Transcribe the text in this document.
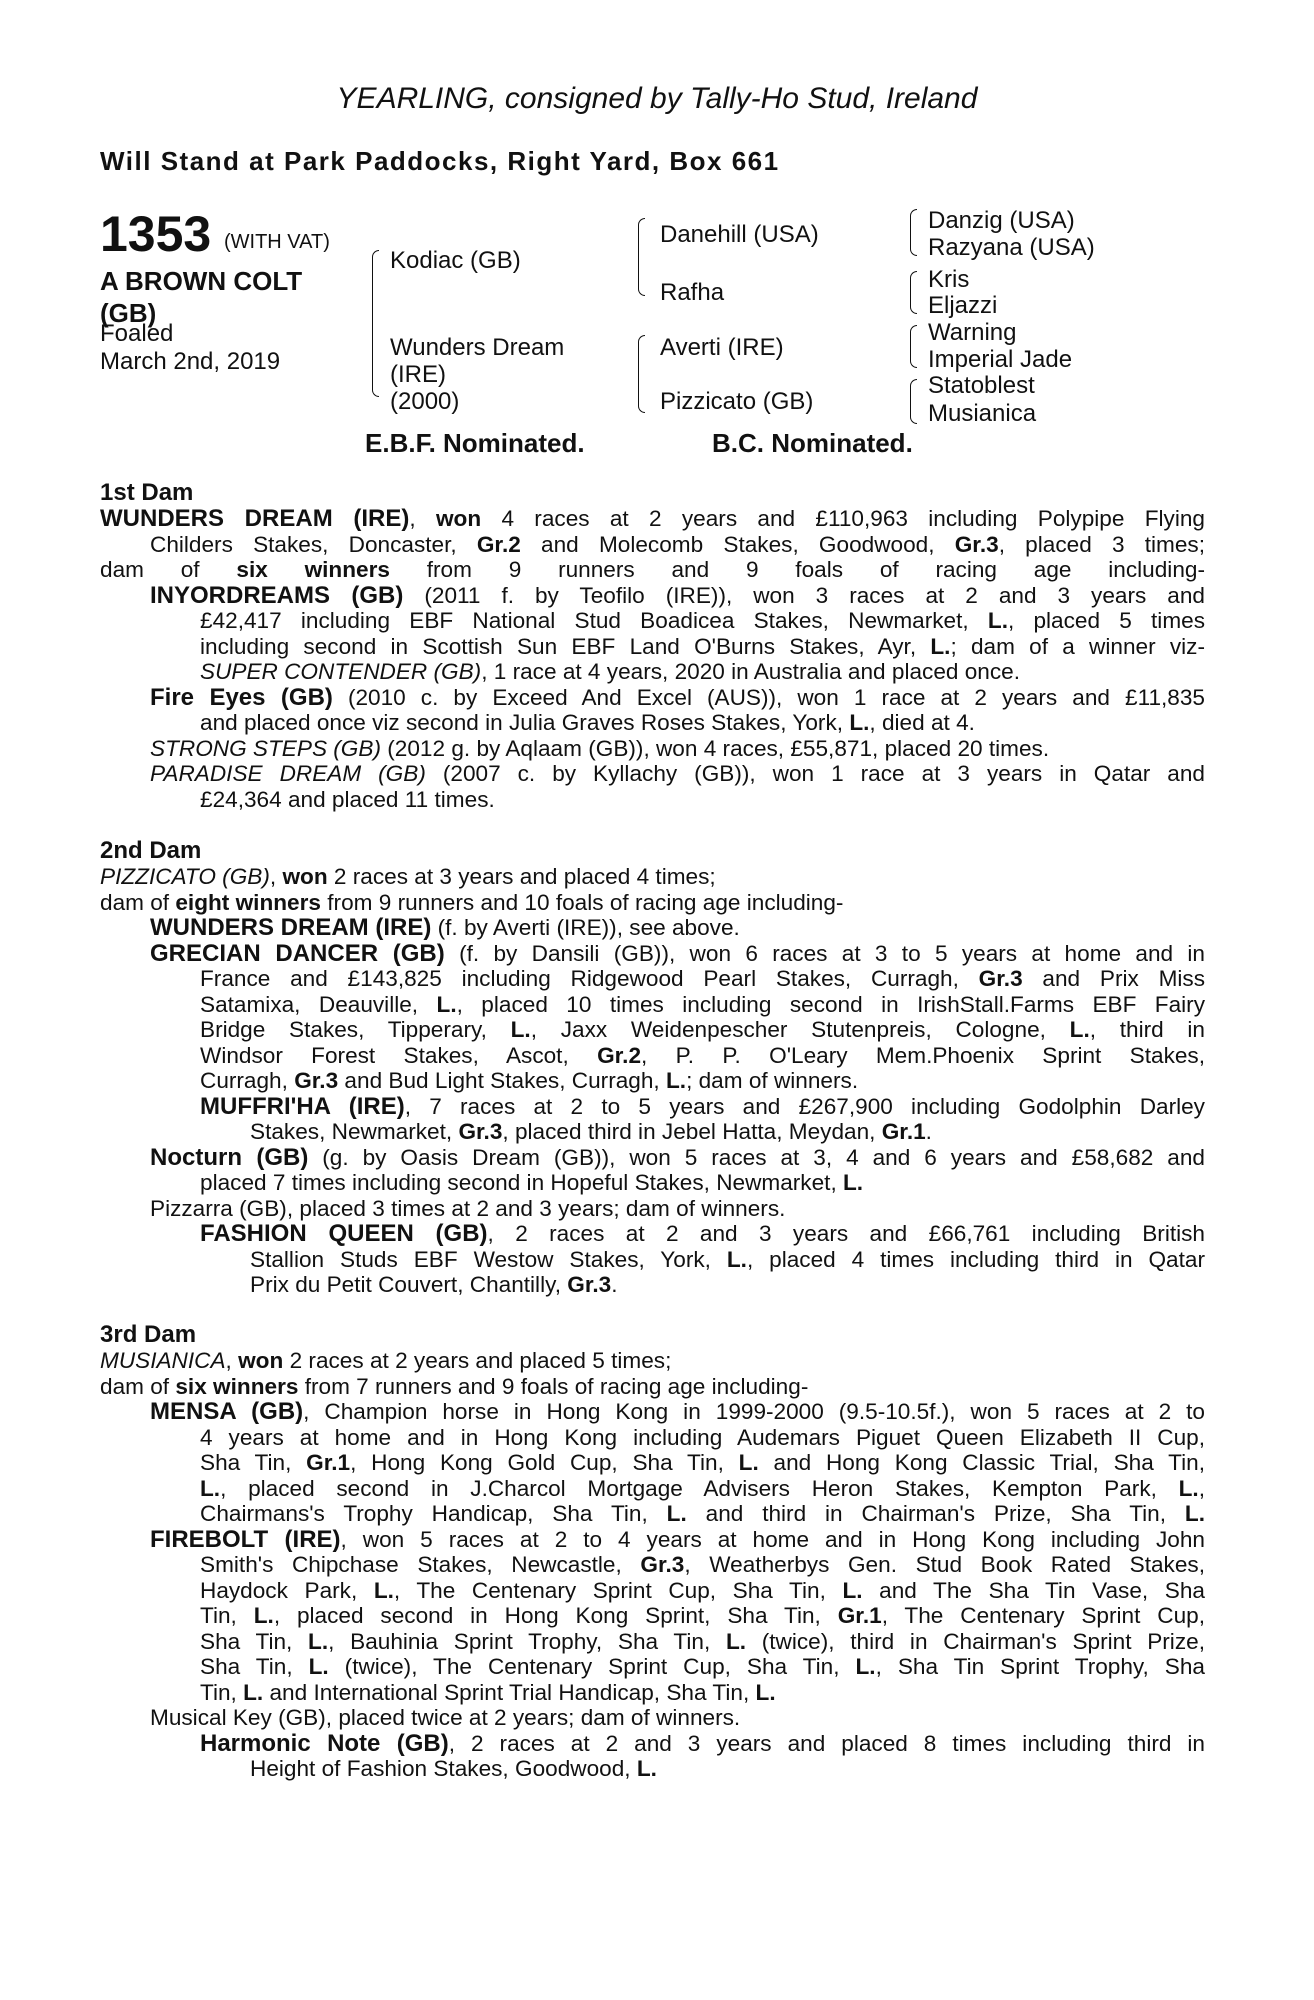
YEARLING, consigned by Tally-Ho Stud, Ireland
Will Stand at Park Paddocks, Right Yard, Box 661
1353 (WITH VAT)
A BROWN COLT
(GB)
Foaled
March 2nd, 2019
Kodiac (GB)
Wunders Dream
(IRE)
(2000)
Danehill (USA)
Rafha
Averti (IRE)
Pizzicato (GB)
Danzig (USA)
Razyana (USA)
Kris
Eljazzi
Warning
Imperial Jade
Statoblest
Musianica
E.B.F. Nominated.	B.C. Nominated.
1st Dam
WUNDERS DREAM (IRE), won 4 races at 2 years and £110,963 including Polypipe Flying
Childers Stakes, Doncaster, Gr.2 and Molecomb Stakes, Goodwood, Gr.3, placed 3 times;
dam of six winners from 9 runners and 9 foals of racing age including-
INYORDREAMS (GB) (2011 f. by Teofilo (IRE)), won 3 races at 2 and 3 years and
£42,417 including EBF National Stud Boadicea Stakes, Newmarket, L., placed 5 times
including second in Scottish Sun EBF Land O'Burns Stakes, Ayr, L.; dam of a winner viz-
SUPER CONTENDER (GB), 1 race at 4 years, 2020 in Australia and placed once.
Fire Eyes (GB) (2010 c. by Exceed And Excel (AUS)), won 1 race at 2 years and £11,835
and placed once viz second in Julia Graves Roses Stakes, York, L., died at 4.
STRONG STEPS (GB) (2012 g. by Aqlaam (GB)), won 4 races, £55,871, placed 20 times.
PARADISE DREAM (GB) (2007 c. by Kyllachy (GB)), won 1 race at 3 years in Qatar and
£24,364 and placed 11 times.
2nd Dam
PIZZICATO (GB), won 2 races at 3 years and placed 4 times;
dam of eight winners from 9 runners and 10 foals of racing age including-
WUNDERS DREAM (IRE) (f. by Averti (IRE)), see above.
GRECIAN DANCER (GB) (f. by Dansili (GB)), won 6 races at 3 to 5 years at home and in
France and £143,825 including Ridgewood Pearl Stakes, Curragh, Gr.3 and Prix Miss
Satamixa, Deauville, L., placed 10 times including second in IrishStall.Farms EBF Fairy
Bridge Stakes, Tipperary, L., Jaxx Weidenpescher Stutenpreis, Cologne, L., third in
Windsor Forest Stakes, Ascot, Gr.2, P. P. O'Leary Mem.Phoenix Sprint Stakes,
Curragh, Gr.3 and Bud Light Stakes, Curragh, L.; dam of winners.
MUFFRI'HA (IRE), 7 races at 2 to 5 years and £267,900 including Godolphin Darley
Stakes, Newmarket, Gr.3, placed third in Jebel Hatta, Meydan, Gr.1.
Nocturn (GB) (g. by Oasis Dream (GB)), won 5 races at 3, 4 and 6 years and £58,682 and
placed 7 times including second in Hopeful Stakes, Newmarket, L.
Pizzarra (GB), placed 3 times at 2 and 3 years; dam of winners.
FASHION QUEEN (GB), 2 races at 2 and 3 years and £66,761 including British
Stallion Studs EBF Westow Stakes, York, L., placed 4 times including third in Qatar
Prix du Petit Couvert, Chantilly, Gr.3.
3rd Dam
MUSIANICA, won 2 races at 2 years and placed 5 times;
dam of six winners from 7 runners and 9 foals of racing age including-
MENSA (GB), Champion horse in Hong Kong in 1999-2000 (9.5-10.5f.), won 5 races at 2 to
4 years at home and in Hong Kong including Audemars Piguet Queen Elizabeth II Cup,
Sha Tin, Gr.1, Hong Kong Gold Cup, Sha Tin, L. and Hong Kong Classic Trial, Sha Tin,
L., placed second in J.Charcol Mortgage Advisers Heron Stakes, Kempton Park, L.,
Chairmans's Trophy Handicap, Sha Tin, L. and third in Chairman's Prize, Sha Tin, L.
FIREBOLT (IRE), won 5 races at 2 to 4 years at home and in Hong Kong including John
Smith's Chipchase Stakes, Newcastle, Gr.3, Weatherbys Gen. Stud Book Rated Stakes,
Haydock Park, L., The Centenary Sprint Cup, Sha Tin, L. and The Sha Tin Vase, Sha
Tin, L., placed second in Hong Kong Sprint, Sha Tin, Gr.1, The Centenary Sprint Cup,
Sha Tin, L., Bauhinia Sprint Trophy, Sha Tin, L. (twice), third in Chairman's Sprint Prize,
Sha Tin, L. (twice), The Centenary Sprint Cup, Sha Tin, L., Sha Tin Sprint Trophy, Sha
Tin, L. and International Sprint Trial Handicap, Sha Tin, L.
Musical Key (GB), placed twice at 2 years; dam of winners.
Harmonic Note (GB), 2 races at 2 and 3 years and placed 8 times including third in
Height of Fashion Stakes, Goodwood, L.
